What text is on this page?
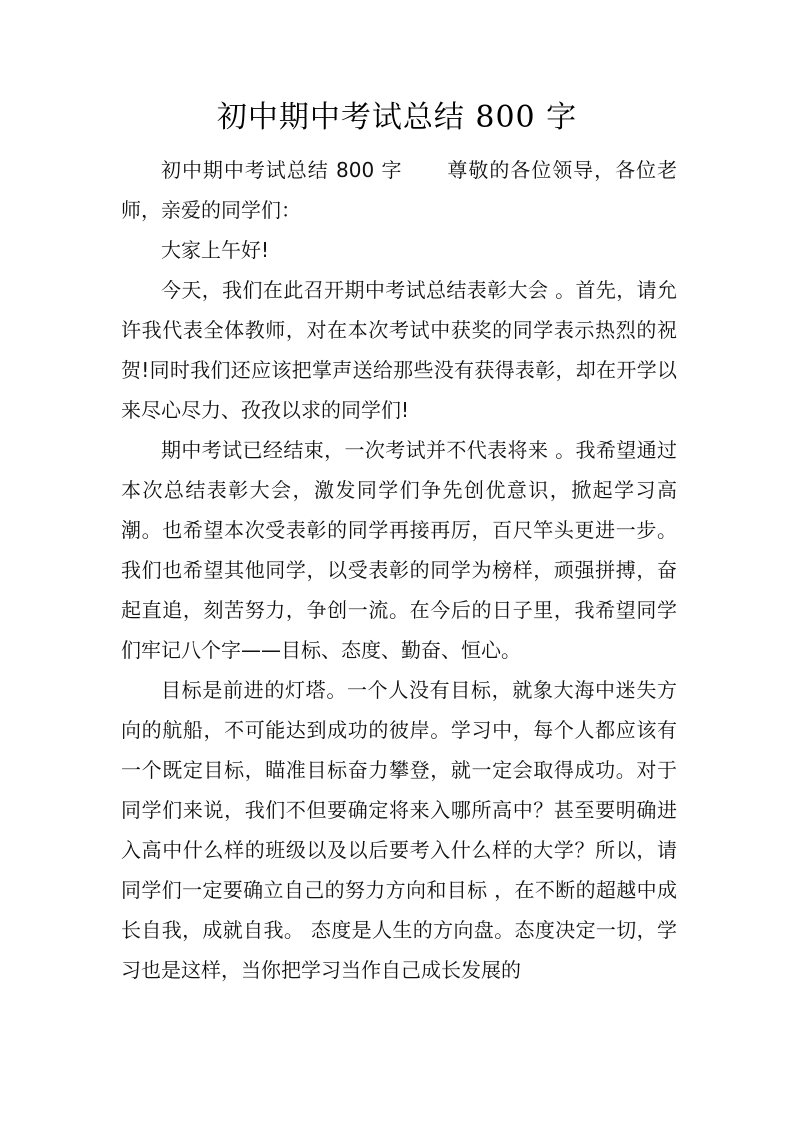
初中期中考试总结 800 字

初中期中考试总结 800 字 尊敬的各位领导，各位老师，亲爱的同学们：

大家上午好!

今天，我们在此召开期中考试总结表彰大会 。首先，请允许我代表全体教师，对在本次考试中获奖的同学表示热烈的祝贺!同时我们还应该把掌声送给那些没有获得表彰，却在开学以来尽心尽力、孜孜以求的同学们!

期中考试已经结束，一次考试并不代表将来 。我希望通过本次总结表彰大会，激发同学们争先创优意识，掀起学习高潮。也希望本次受表彰的同学再接再厉，百尺竿头更进一步。 我们也希望其他同学，以受表彰的同学为榜样，顽强拼搏，奋起直追，刻苦努力，争创一流。在今后的日子里，我希望同学们牢记八个字——目标、态度、勤奋、恒心。

目标是前进的灯塔。一个人没有目标，就象大海中迷失方向的航船，不可能达到成功的彼岸。学习中，每个人都应该有一个既定目标，瞄准目标奋力攀登，就一定会取得成功。对于同学们来说，我们不但要确定将来入哪所高中？甚至要明确进入高中什么样的班级以及以后要考入什么样的大学？所以，请同学们一定要确立自己的努力方向和目标 ，在不断的超越中成长自我，成就自我。 态度是人生的方向盘。态度决定一切，学习也是这样，当你把学习当作自己成长发展的
